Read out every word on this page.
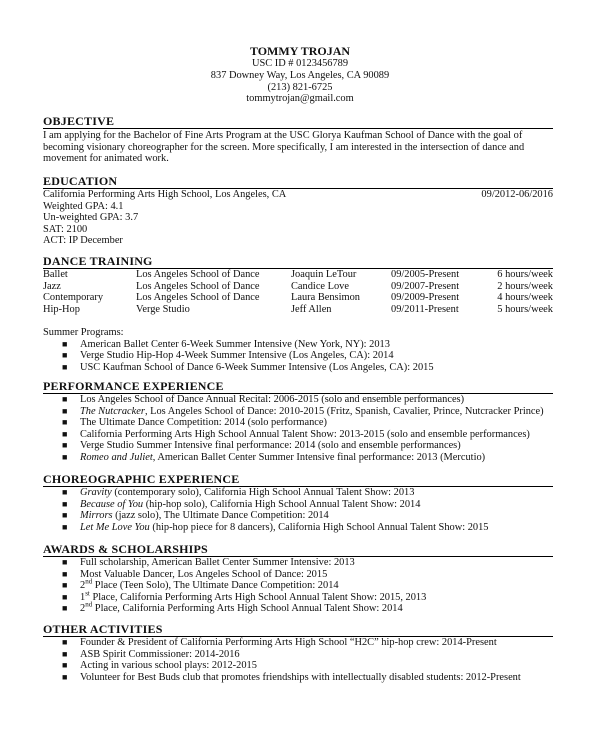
TOMMY TROJAN
USC ID # 0123456789
837 Downey Way, Los Angeles, CA 90089
(213) 821-6725
tommytrojan@gmail.com
OBJECTIVE
I am applying for the Bachelor of Fine Arts Program at the USC Glorya Kaufman School of Dance with the goal of becoming visionary choreographer for the screen. More specifically, I am interested in the intersection of dance and movement for animated work.
EDUCATION
California Performing Arts High School, Los Angeles, CA	09/2012-06/2016
Weighted GPA: 4.1
Un-weighted GPA: 3.7
SAT: 2100
ACT: IP December
DANCE TRAINING
Ballet	Los Angeles School of Dance	Joaquin LeTour	09/2005-Present	6 hours/week
Jazz	Los Angeles School of Dance	Candice Love	09/2007-Present	2 hours/week
Contemporary	Los Angeles School of Dance	Laura Bensimon	09/2009-Present	4 hours/week
Hip-Hop	Verge Studio	Jeff Allen	09/2011-Present	5 hours/week
Summer Programs:
■ American Ballet Center 6-Week Summer Intensive (New York, NY): 2013
■ Verge Studio Hip-Hop 4-Week Summer Intensive (Los Angeles, CA): 2014
■ USC Kaufman School of Dance 6-Week Summer Intensive (Los Angeles, CA): 2015
PERFORMANCE EXPERIENCE
■ Los Angeles School of Dance Annual Recital: 2006-2015 (solo and ensemble performances)
■ The Nutcracker, Los Angeles School of Dance: 2010-2015 (Fritz, Spanish, Cavalier, Prince, Nutcracker Prince)
■ The Ultimate Dance Competition: 2014 (solo performance)
■ California Performing Arts High School Annual Talent Show: 2013-2015 (solo and ensemble performances)
■ Verge Studio Summer Intensive final performance: 2014 (solo and ensemble performances)
■ Romeo and Juliet, American Ballet Center Summer Intensive final performance: 2013 (Mercutio)
CHOREOGRAPHIC EXPERIENCE
■ Gravity (contemporary solo), California High School Annual Talent Show: 2013
■ Because of You (hip-hop solo), California High School Annual Talent Show: 2014
■ Mirrors (jazz solo), The Ultimate Dance Competition: 2014
■ Let Me Love You (hip-hop piece for 8 dancers), California High School Annual Talent Show: 2015
AWARDS & SCHOLARSHIPS
■ Full scholarship, American Ballet Center Summer Intensive: 2013
■ Most Valuable Dancer, Los Angeles School of Dance: 2015
■ 2nd Place (Teen Solo), The Ultimate Dance Competition: 2014
■ 1st Place, California Performing Arts High School Annual Talent Show: 2015, 2013
■ 2nd Place, California Performing Arts High School Annual Talent Show: 2014
OTHER ACTIVITIES
■ Founder & President of California Performing Arts High School “H2C” hip-hop crew: 2014-Present
■ ASB Spirit Commissioner: 2014-2016
■ Acting in various school plays: 2012-2015
■ Volunteer for Best Buds club that promotes friendships with intellectually disabled students: 2012-Present
